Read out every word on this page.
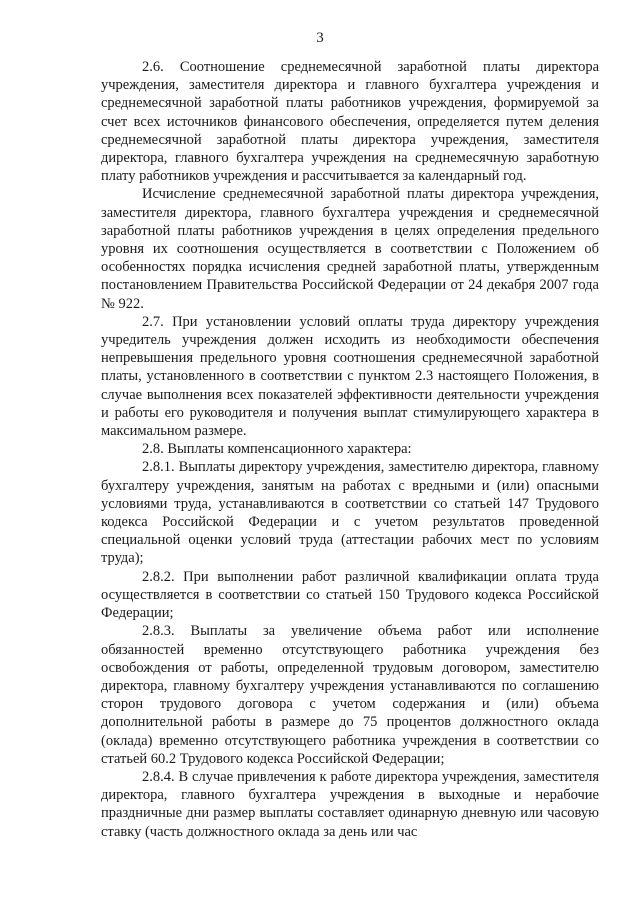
3

2.6. Соотношение среднемесячной заработной платы директора учреждения, заместителя директора и главного бухгалтера учреждения и среднемесячной заработной платы работников учреждения, формируемой за счет всех источников финансового обеспечения, определяется путем деления среднемесячной заработной платы директора учреждения, заместителя директора, главного бухгалтера учреждения на среднемесячную заработную плату работников учреждения и рассчитывается за календарный год.

Исчисление среднемесячной заработной платы директора учреждения, заместителя директора, главного бухгалтера учреждения и среднемесячной заработной платы работников учреждения в целях определения предельного уровня их соотношения осуществляется в соответствии с Положением об особенностях порядка исчисления средней заработной платы, утвержденным постановлением Правительства Российской Федерации от 24 декабря 2007 года № 922.

2.7. При установлении условий оплаты труда директору учреждения учредитель учреждения должен исходить из необходимости обеспечения непревышения предельного уровня соотношения среднемесячной заработной платы, установленного в соответствии с пунктом 2.3 настоящего Положения, в случае выполнения всех показателей эффективности деятельности учреждения и работы его руководителя и получения выплат стимулирующего характера в максимальном размере.

2.8. Выплаты компенсационного характера:

2.8.1. Выплаты директору учреждения, заместителю директора, главному бухгалтеру учреждения, занятым на работах с вредными и (или) опасными условиями труда, устанавливаются в соответствии со статьей 147 Трудового кодекса Российской Федерации и с учетом результатов проведенной специальной оценки условий труда (аттестации рабочих мест по условиям труда);

2.8.2. При выполнении работ различной квалификации оплата труда осуществляется в соответствии со статьей 150 Трудового кодекса Российской Федерации;

2.8.3. Выплаты за увеличение объема работ или исполнение обязанностей временно отсутствующего работника учреждения без освобождения от работы, определенной трудовым договором, заместителю директора, главному бухгалтеру учреждения устанавливаются по соглашению сторон трудового договора с учетом содержания и (или) объема дополнительной работы в размере до 75 процентов должностного оклада (оклада) временно отсутствующего работника учреждения в соответствии со статьей 60.2 Трудового кодекса Российской Федерации;

2.8.4. В случае привлечения к работе директора учреждения, заместителя директора, главного бухгалтера учреждения в выходные и нерабочие праздничные дни размер выплаты составляет одинарную дневную или часовую ставку (часть должностного оклада за день или час
